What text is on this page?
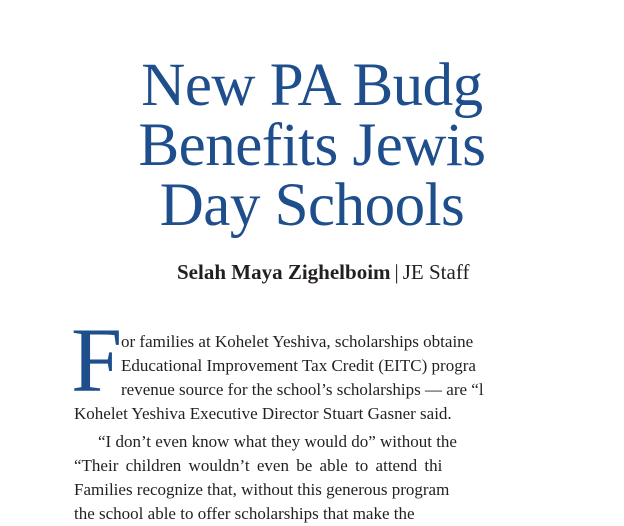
New PA Budg
Benefits Jewis
Day Schools

Selah Maya Zighelboim | JE Staff

F
or families at Kohelet Yeshiva, scholarships obtaine
Educational Improvement Tax Credit (EITC) progra
revenue source for the school’s scholarships — are “l
Kohelet Yeshiva Executive Director Stuart Gasner said.
“I don’t even know what they would do” without the
“Their children wouldn’t even be able to attend thi
Families recognize that, without this generous program
the school able to offer scholarships that make the
